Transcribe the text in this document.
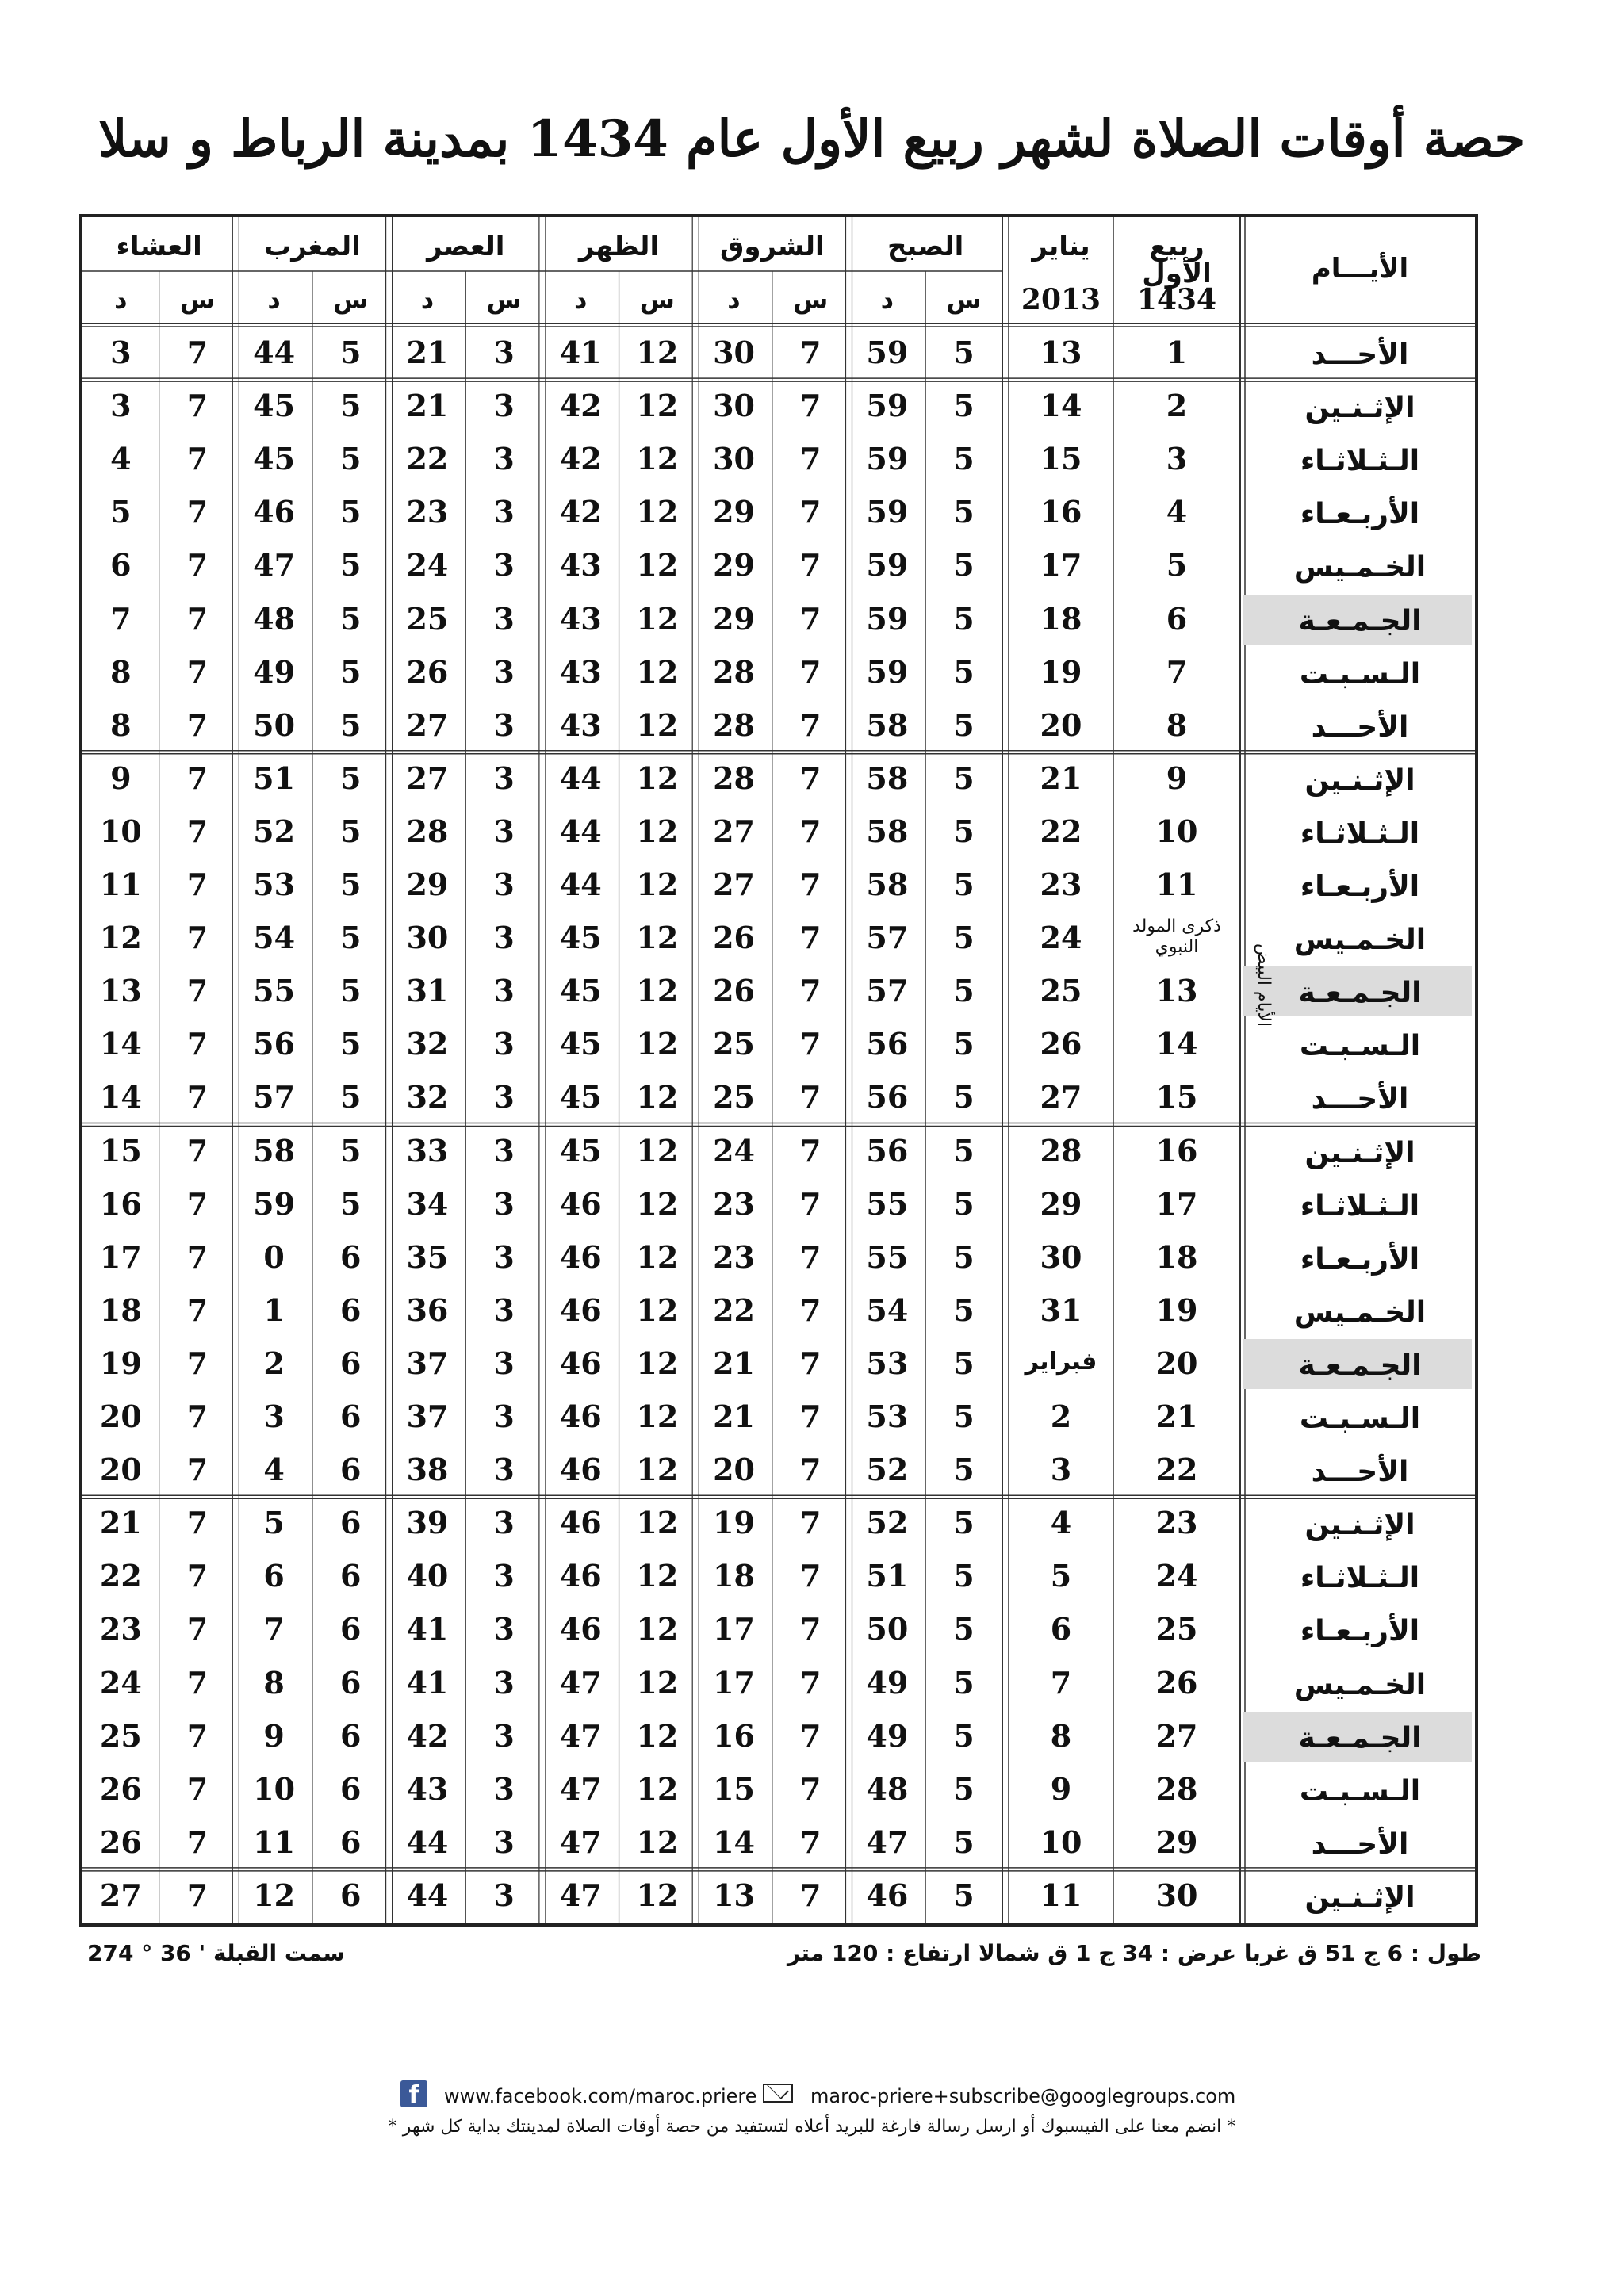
حصة أوقات الصلاة لشهر ربيع الأول عام 1434 بمدينة الرباط و سلا
الصبح
س
د
الشروق
س
د
الظهر
س
د
العصر
س
د
المغرب
س
د
العشاء
س
د
يناير
2013
ربيع الأول
1434
الأيـــام
الأحـــد
1
13
5
59
7
30
12
41
3
21
5
44
7
3
الإثـنـين
2
14
5
59
7
30
12
42
3
21
5
45
7
3
الـثـلاثـاء
3
15
5
59
7
30
12
42
3
22
5
45
7
4
الأربـعـاء
4
16
5
59
7
29
12
42
3
23
5
46
7
5
الخـمـيس
5
17
5
59
7
29
12
43
3
24
5
47
7
6
الجـمـعـة
6
18
5
59
7
29
12
43
3
25
5
48
7
7
الـسـبـت
7
19
5
59
7
28
12
43
3
26
5
49
7
8
الأحـــد
8
20
5
58
7
28
12
43
3
27
5
50
7
8
الإثـنـين
9
21
5
58
7
28
12
44
3
27
5
51
7
9
الـثـلاثـاء
10
22
5
58
7
27
12
44
3
28
5
52
7
10
الأربـعـاء
11
23
5
58
7
27
12
44
3
29
5
53
7
11
الخـمـيس
ذكرى المولد النبوي
24
5
57
7
26
12
45
3
30
5
54
7
12
الجـمـعـة
13
25
5
57
7
26
12
45
3
31
5
55
7
13
الـسـبـت
14
26
5
56
7
25
12
45
3
32
5
56
7
14
الأحـــد
15
27
5
56
7
25
12
45
3
32
5
57
7
14
الإثـنـين
16
28
5
56
7
24
12
45
3
33
5
58
7
15
الـثـلاثـاء
17
29
5
55
7
23
12
46
3
34
5
59
7
16
الأربـعـاء
18
30
5
55
7
23
12
46
3
35
6
0
7
17
الخـمـيس
19
31
5
54
7
22
12
46
3
36
6
1
7
18
الجـمـعـة
20
فبراير
5
53
7
21
12
46
3
37
6
2
7
19
الـسـبـت
21
2
5
53
7
21
12
46
3
37
6
3
7
20
الأحـــد
22
3
5
52
7
20
12
46
3
38
6
4
7
20
الإثـنـين
23
4
5
52
7
19
12
46
3
39
6
5
7
21
الـثـلاثـاء
24
5
5
51
7
18
12
46
3
40
6
6
7
22
الأربـعـاء
25
6
5
50
7
17
12
46
3
41
6
7
7
23
الخـمـيس
26
7
5
49
7
17
12
47
3
41
6
8
7
24
الجـمـعـة
27
8
5
49
7
16
12
47
3
42
6
9
7
25
الـسـبـت
28
9
5
48
7
15
12
47
3
43
6
10
7
26
الأحـــد
29
10
5
47
7
14
12
47
3
44
6
11
7
26
الإثـنـين
30
11
5
46
7
13
12
47
3
44
6
12
7
27
الأيام البيض
طول : 6 ج 51 ق غربا عرض : 34 ج 1 ق شمالا ارتفاع : 120 متر
سمت القبلة ' 36 ° 274
f	www.facebook.com/maroc.priere	maroc-priere+subscribe@googlegroups.com
* انضم معنا على الفيسبوك أو ارسل رسالة فارغة للبريد أعلاه لتستفيد من حصة أوقات الصلاة لمدينتك بداية كل شهر *
